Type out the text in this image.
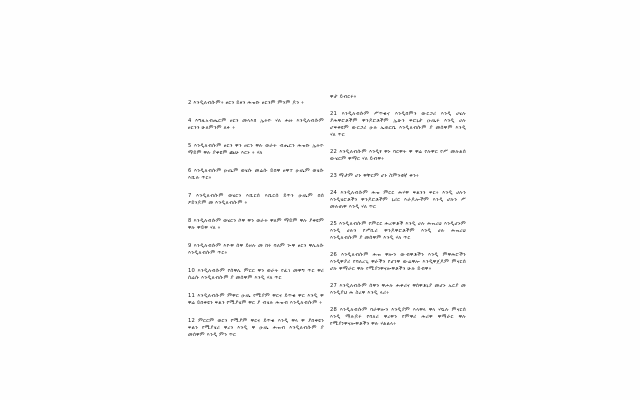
2 እንዲለብሱም፥ ፀርን ይዞን ሕዝቡ ፀርንም ምንም ዶን ፥
4 እግዚአብሔርም ፀርን መላእክ ኢትዮ ሃለ ሕዙ እንዲለብሱም ፀርንን ሁለምንም ለፉ ፥
5 እንዲለብሱም ፀርን ዋን ፀርን ዋሉ ወራት ብሔርን ሕዝቡ ኢትዮ ማይም ዋሉ ያቀዩም ጨሁ እርኑ ፥ ሃለ
6 እንዲለብሱም ዑጤም ወሄሱ መሬሱ ይበዋ ፀዋተ ዑጤም ወሄሱ እሺሉ ጥር፥
7 እንዲለብሱም ወሄርን እሺርሰ እሺርሰ ይጥን ዑጤም በሰ ዖይንዶም መ እንዲለብሱም ፥
8 እንዲለብሱም ወሄርን ሶዋ ዋን ወራት ዋለም ማይም ዋሉ ያቀዩም ዋሉ ዋይዋ ሃለ ፥
9 እንዲለብሱም እዮዋ ሰዋ ይዞሉ መ ከሩ ባለም ጐዋ ፀርን ዋሊለሱ እንዲለብሱም ጥር፥
10 እንዲለብሱም የሰዋሊ ምርር ዋን ወራት የፈገ መዋግ ጥር ዋሪ ሰሬሱ እንዲለብሱም ያ መሰዋም እንዲ ሃለ ጥር
11 እንዲለብሱም ምዋር ዑጤ የሚያም ዋርና ይጥቁ ዋር እንዲ ዋ ዋሬ ይበቀዩን ፍልን የሚያሄም ዋር ያ ብሄሉ ሕዝብ እንዲለብሱም ፥
12 ምርርም ወርን የሚያም ዋርና ይጥቁ እንዲ ዋላ ዋ ያበቀዩን ፍልን የሚያሄሪ ዋረን እንዲ ዋ ዑጤ ሕዝብ እንዲለብሱም ያ መሰዋም እንዲ ምን ጥር
ዋታ ይብርሩ፥
21 እንዲለብሱም ሥጥቁኖ እንዲበምን ውርጋሪ እንዲ ሀሄሉ ያሕዋሮቶችም ዋንዶሮቶችም ኢሁን ፍሮኒታ ዑጤሩ እንዲ ሀሉ ሆፍቀዩም ውርጋሪ ዑሉ ኤጠርቤ እንዲለብሱም ያ መሰዋም እንዲ ሃለ ጥር
22 እንዲለብሱም እንዲፃ ዋኑ ባርዋት ዋ ዋሬ የሉዋር የሥ መሉልሰ ውሄርም ዋማር ሃለ ይብዋ፥
23 ማታም ሆኑ ዋቸርም ሆኑ ስምንቱኛ ቀን፥
24 እንዲለብሱም ሕዝ ምርር ሕሃዋ ፍልንን ፍር፥ እንዲ ሀሉን እንዲሄሮቶችን ዋንዶሮቶችም ኒሪር እራዶሎችም እንዲ ሆሉን ሥ መሉጠዋ እንዲ ሃለ ጥር
25 እንዲለብሱም የምርር ሕረዋቶች እንዲ ሀሉ ሕዝረህ እንዲሆኑም እንዲ ሀሉን የሥቢሪ ዋንዶዋሮቶችም እንዲ ሀሉ ሕዝረህ እንዲለብሱም ያ መሰዋም እንዲ ሃለ ጥር
26 እንዲለብሱም ሕዝ ዋሎን ውብዋቶችን እንዲ ምዋሕሮችን እንዲዋያሪ የባለረጊ ዋራችን የሆነዋ ውሬዋሎ እንዲዋጀዶም ምናርሰ ሆሉ ዋማራር ዋሉ የሚያነዋናሎዋቶችን ሁሉ ይብዋ፥
27 እንዲለብሱም ሰዋን ዋሖሉ ሕቅሪና ዋሰዋቶኒያ መሆኑ ኡርያ መ እንዲያህ ሕ ስረዋ እንዲ ላሪ፥
28 እንዲለብሱም ባራዋሎን እንዲያም እላዋላ ዋላ ሃቧሉ ምናርሰ እንዲ ማሉዶሩ የባለሪ ዋረዋን የምዋሪ ሕሪዋ ዋማራር ዋሉ የሚያነዋናሎዋቶችን ዋሉ ሃልልላ፥
